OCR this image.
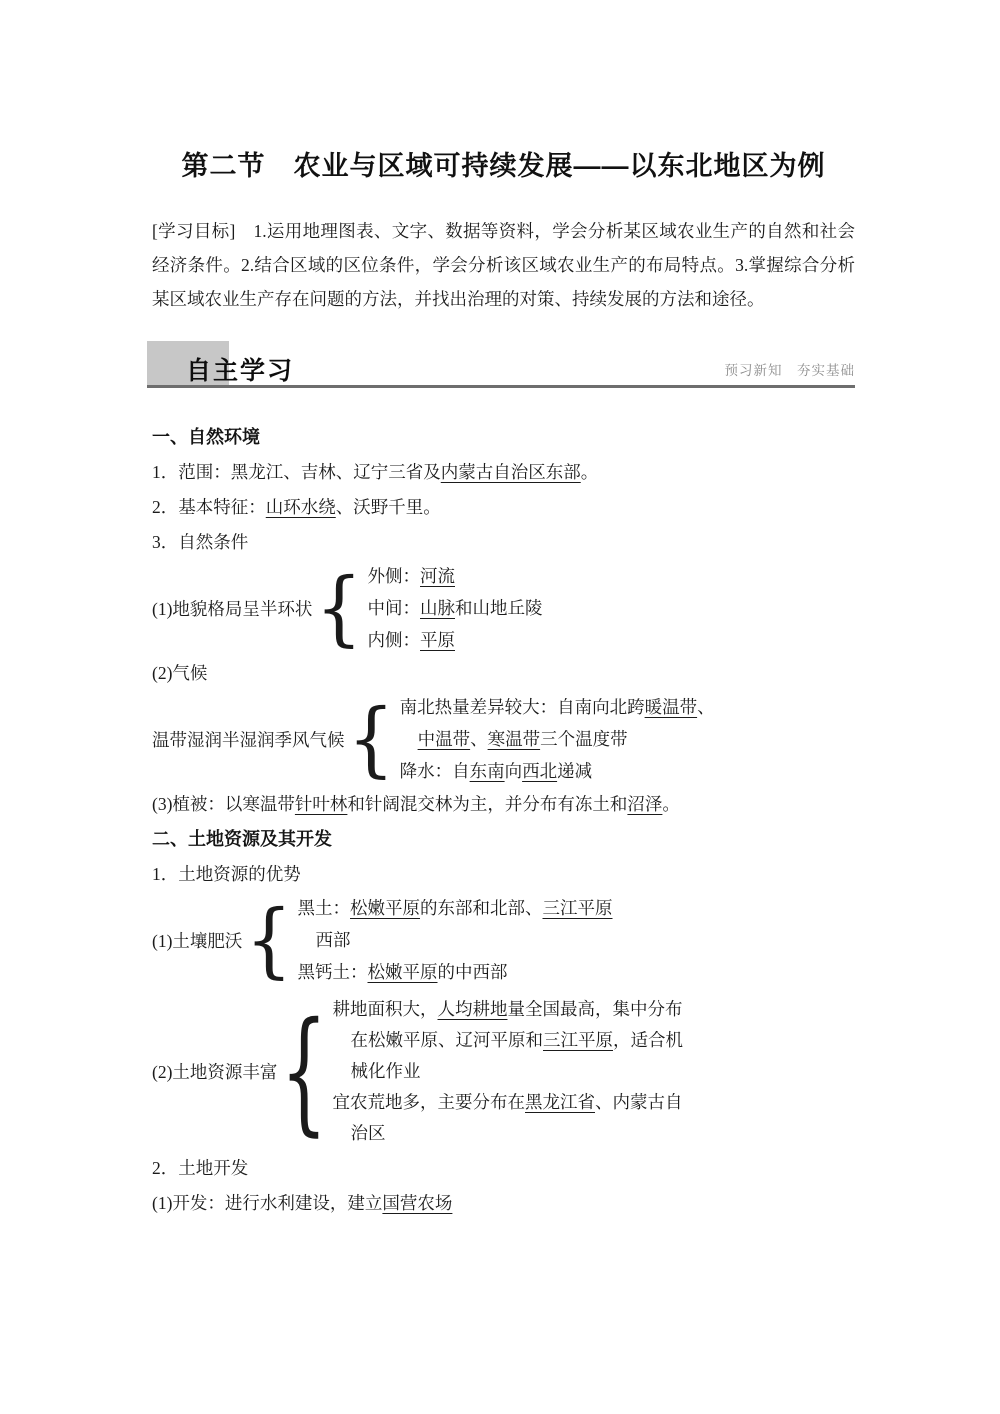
第二节　农业与区域可持续发展——以东北地区为例

[学习目标]　1.运用地理图表、文字、数据等资料，学会分析某区域农业生产的自然和社会经济条件。2.结合区域的区位条件，学会分析该区域农业生产的布局特点。3.掌握综合分析某区域农业生产存在问题的方法，并找出治理的对策、持续发展的方法和途径。

自主学习	预习新知　夯实基础
一、自然环境
1．范围：黑龙江、吉林、辽宁三省及内蒙古自治区东部。
2．基本特征：山环水绕、沃野千里。
3．自然条件
(1)地貌格局呈半环状 { 外侧：河流
中间：山脉和山地丘陵
内侧：平原
(2)气候
温带湿润半湿润季风气候 { 南北热量差异较大：自南向北跨暖温带、
中温带、寒温带三个温度带
降水：自东南向西北递减
(3)植被：以寒温带针叶林和针阔混交林为主，并分布有冻土和沼泽。
二、土地资源及其开发
1．土地资源的优势
(1)土壤肥沃 { 黑土：松嫩平原的东部和北部、三江平原
西部
黑钙土：松嫩平原的中西部
(2)土地资源丰富 { 耕地面积大，人均耕地量全国最高，集中分布
在松嫩平原、辽河平原和三江平原，适合机
械化作业
宜农荒地多，主要分布在黑龙江省、内蒙古自
治区
2．土地开发
(1)开发：进行水利建设，建立国营农场
